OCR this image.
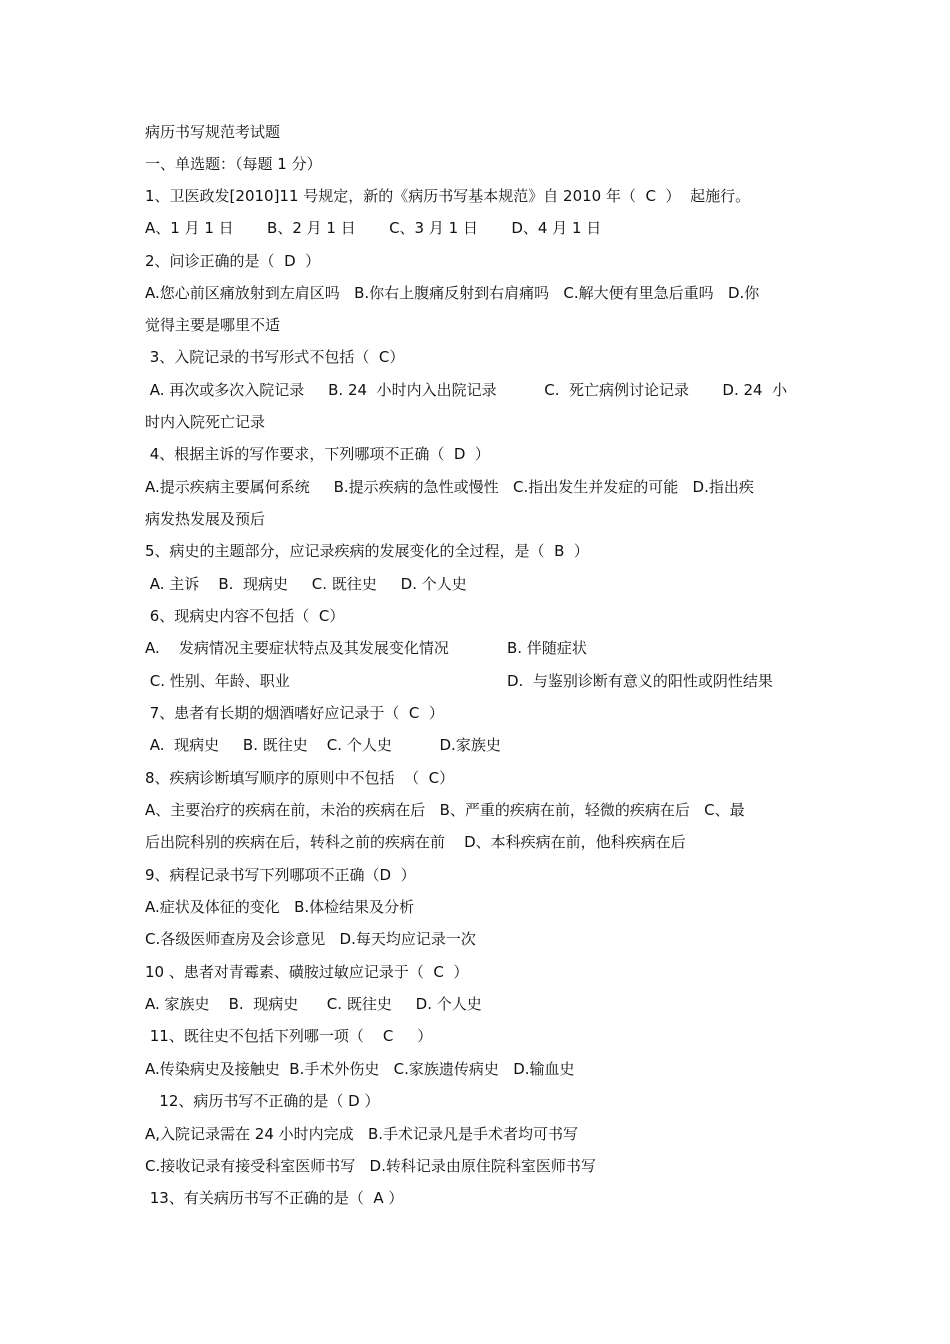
病历书写规范考试题
一、单选题：（每题 1 分）
1、卫医政发[2010]11 号规定，新的《病历书写基本规范》自 2010 年（  C  ）  起施行。
A、1 月 1 日       B、2 月 1 日       C、3 月 1 日       D、4 月 1 日
2、问诊正确的是（  D  ）
A.您心前区痛放射到左肩区吗   B.你右上腹痛反射到右肩痛吗   C.解大便有里急后重吗   D.你
觉得主要是哪里不适
3、入院记录的书写形式不包括（  C）
A. 再次或多次入院记录     B. 24  小时内入出院记录          C.  死亡病例讨论记录       D. 24  小
时内入院死亡记录
4、根据主诉的写作要求，下列哪项不正确（  D  ）
A.提示疾病主要属何系统     B.提示疾病的急性或慢性   C.指出发生并发症的可能   D.指出疾
病发热发展及预后
5、病史的主题部分，应记录疾病的发展变化的全过程，是（  B  ）
A. 主诉    B.  现病史     C. 既往史     D. 个人史
6、现病史内容不包括（  C）
A.    发病情况主要症状特点及其发展变化情况	B. 伴随症状
C. 性别、年龄、职业	D.  与鉴别诊断有意义的阳性或阴性结果
7、患者有长期的烟酒嗜好应记录于（  C  ）
A.  现病史     B. 既往史    C. 个人史          D.家族史
8、疾病诊断填写顺序的原则中不包括  （  C）
A、主要治疗的疾病在前，未治的疾病在后   B、严重的疾病在前，轻微的疾病在后   C、最
后出院科别的疾病在后，转科之前的疾病在前    D、本科疾病在前，他科疾病在后
9、病程记录书写下列哪项不正确（D  ）
A.症状及体征的变化   B.体检结果及分析
C.各级医师查房及会诊意见   D.每天均应记录一次
10 、患者对青霉素、磺胺过敏应记录于（  C  ）
A. 家族史    B.  现病史      C. 既往史     D. 个人史
11、既往史不包括下列哪一项（    C     ）
A.传染病史及接触史  B.手术外伤史   C.家族遗传病史   D.输血史
12、病历书写不正确的是（ D ）
A,入院记录需在 24 小时内完成   B.手术记录凡是手术者均可书写
C.接收记录有接受科室医师书写   D.转科记录由原住院科室医师书写
13、有关病历书写不正确的是（  A ）
